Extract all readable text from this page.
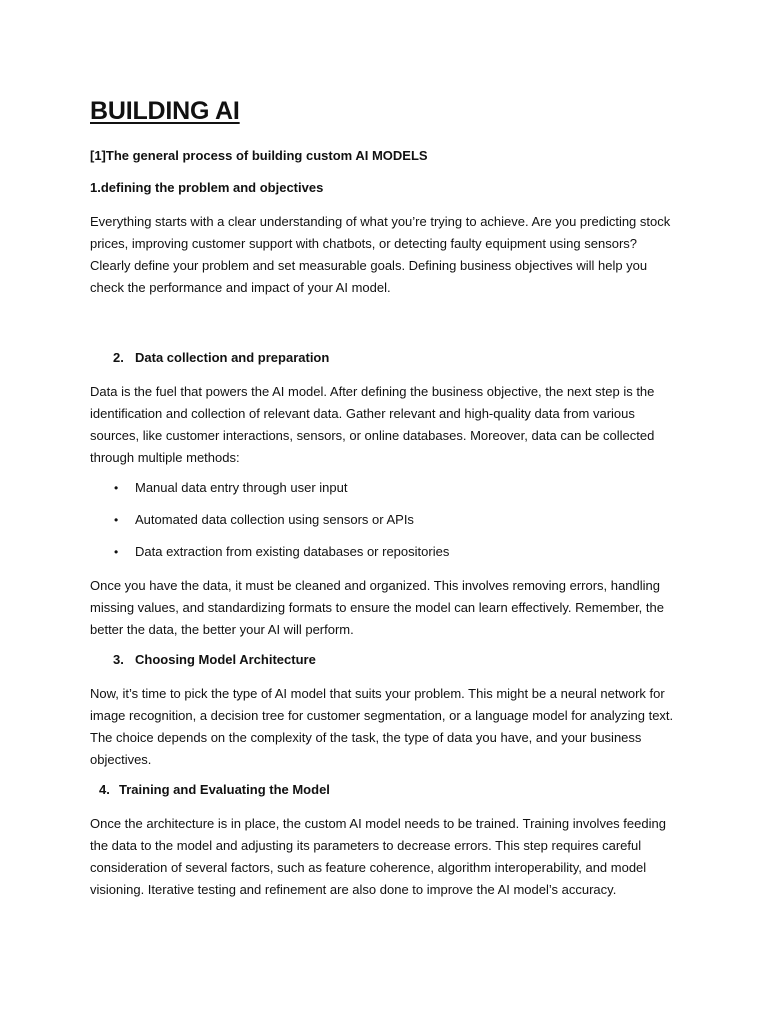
BUILDING AI
[1]The general process of building custom AI MODELS
1.defining the problem and objectives

Everything starts with a clear understanding of what you’re trying to achieve. Are you predicting stock prices, improving customer support with chatbots, or detecting faulty equipment using sensors? Clearly define your problem and set measurable goals. Defining business objectives will help you check the performance and impact of your AI model.

2. Data collection and preparation

Data is the fuel that powers the AI model. After defining the business objective, the next step is the identification and collection of relevant data. Gather relevant and high-quality data from various sources, like customer interactions, sensors, or online databases. Moreover, data can be collected through multiple methods:

•	Manual data entry through user input
•	Automated data collection using sensors or APIs
•	Data extraction from existing databases or repositories

Once you have the data, it must be cleaned and organized. This involves removing errors, handling missing values, and standardizing formats to ensure the model can learn effectively. Remember, the better the data, the better your AI will perform.

3. Choosing Model Architecture

Now, it’s time to pick the type of AI model that suits your problem. This might be a neural network for image recognition, a decision tree for customer segmentation, or a language model for analyzing text. The choice depends on the complexity of the task, the type of data you have, and your business objectives.

4. Training and Evaluating the Model

Once the architecture is in place, the custom AI model needs to be trained. Training involves feeding the data to the model and adjusting its parameters to decrease errors. This step requires careful consideration of several factors, such as feature coherence, algorithm interoperability, and model visioning. Iterative testing and refinement are also done to improve the AI model’s accuracy.
